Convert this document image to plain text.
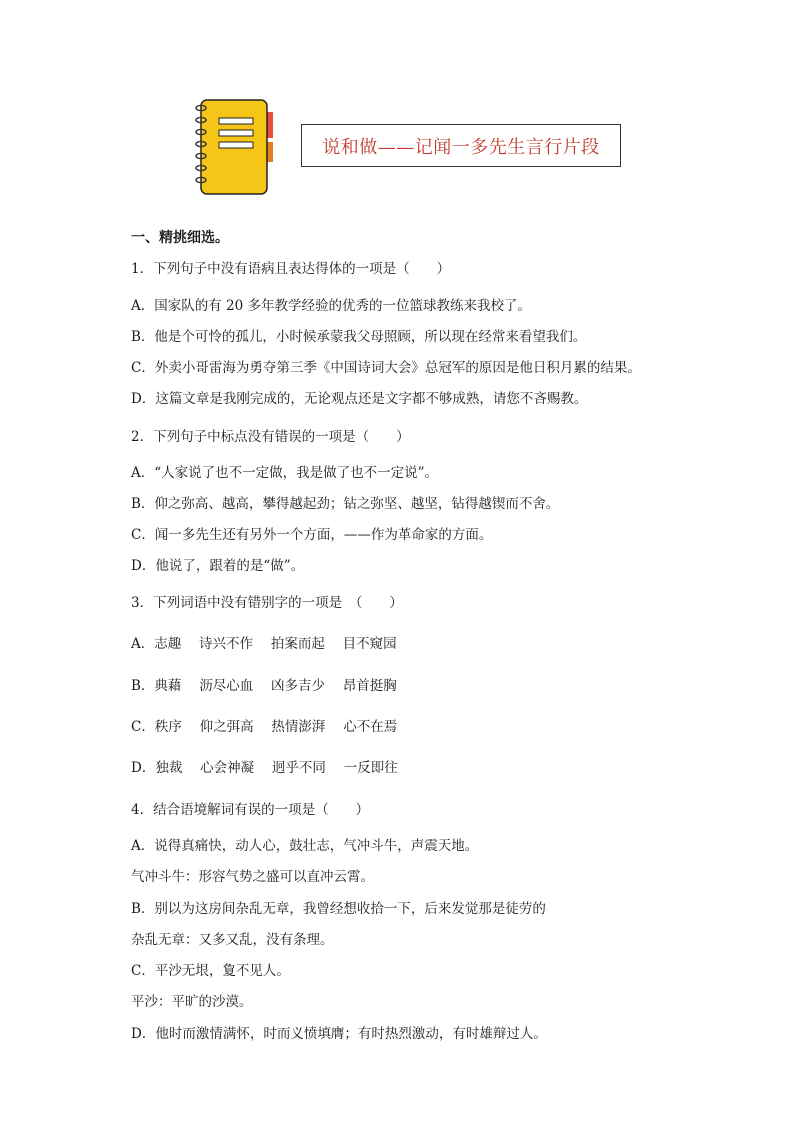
说和做——记闻一多先生言行片段
一、精挑细选。
1．下列句子中没有语病且表达得体的一项是（　　）
A．国家队的有 20 多年教学经验的优秀的一位篮球教练来我校了。
B．他是个可怜的孤儿，小时候承蒙我父母照顾，所以现在经常来看望我们。
C．外卖小哥雷海为勇夺第三季《中国诗词大会》总冠军的原因是他日积月累的结果。
D．这篇文章是我刚完成的，无论观点还是文字都不够成熟，请您不吝赐教。
2．下列句子中标点没有错误的一项是（　　）
A．“人家说了也不一定做，我是做了也不一定说”。
B．仰之弥高、越高，攀得越起劲；钻之弥坚、越坚，钻得越锲而不舍。
C．闻一多先生还有另外一个方面，——作为革命家的方面。
D．他说了，跟着的是“做”。
3．下列词语中没有错别字的一项是　（　　）
A．志趣　 诗兴不作　 拍案而起　 目不窥园
B．典藉　 沥尽心血　 凶多吉少　 昂首挺胸
C．秩序　 仰之弭高　 热情澎湃　 心不在焉
D．独裁　 心会神凝　 迥乎不同　 一反即往
4．结合语境解词有误的一项是（　　）
A．说得真痛快，动人心，鼓壮志，气冲斗牛，声震天地。
气冲斗牛：形容气势之盛可以直冲云霄。
B．别以为这房间杂乱无章，我曾经想收拾一下，后来发觉那是徒劳的
杂乱无章：又多又乱，没有条理。
C．平沙无垠，夐不见人。
平沙：平旷的沙漠。
D．他时而激情满怀，时而义愤填膺；有时热烈激动，有时雄辩过人。
